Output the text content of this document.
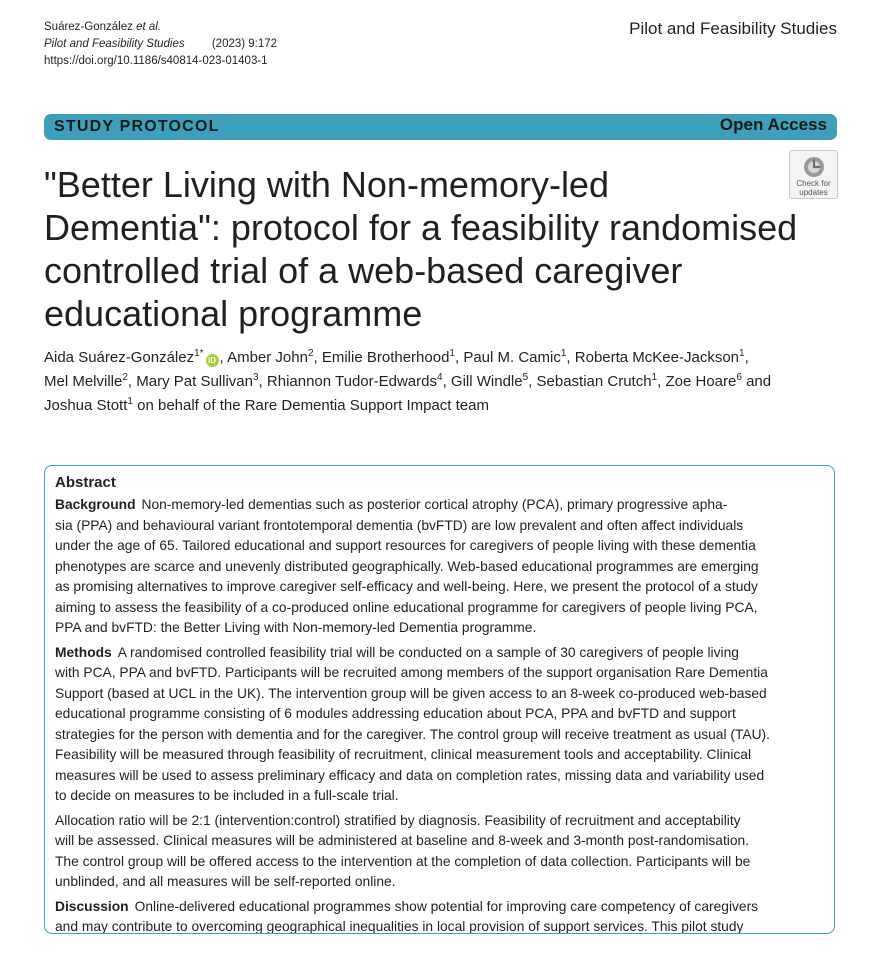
Suárez-González et al.
Pilot and Feasibility Studies (2023) 9:172
https://doi.org/10.1186/s40814-023-01403-1
Pilot and Feasibility Studies
STUDY PROTOCOL	Open Access
"Better Living with Non-memory-led
Dementia": protocol for a feasibility randomised
controlled trial of a web-based caregiver
educational programme
Check for
updates
Aida Suárez-González$^{1*}$iD , Amber John$^2$, Emilie Brotherhood$^1$, Paul M. Camic$^1$, Roberta McKee-Jackson$^1$,
Mel Melville$^2$, Mary Pat Sullivan$^3$, Rhiannon Tudor-Edwards$^4$, Gill Windle$^5$, Sebastian Crutch$^1$, Zoe Hoare$^6$ and
Joshua Stott$^1$ on behalf of the Rare Dementia Support Impact team
Abstract

Background Non-memory-led dementias such as posterior cortical atrophy (PCA), primary progressive apha-
sia (PPA) and behavioural variant frontotemporal dementia (bvFTD) are low prevalent and often affect individuals
under the age of 65. Tailored educational and support resources for caregivers of people living with these dementia
phenotypes are scarce and unevenly distributed geographically. Web-based educational programmes are emerging
as promising alternatives to improve caregiver self-efficacy and well-being. Here, we present the protocol of a study
aiming to assess the feasibility of a co-produced online educational programme for caregivers of people living PCA,
PPA and bvFTD: the Better Living with Non-memory-led Dementia programme.

Methods A randomised controlled feasibility trial will be conducted on a sample of 30 caregivers of people living
with PCA, PPA and bvFTD. Participants will be recruited among members of the support organisation Rare Dementia
Support (based at UCL in the UK). The intervention group will be given access to an 8-week co-produced web-based
educational programme consisting of 6 modules addressing education about PCA, PPA and bvFTD and support
strategies for the person with dementia and for the caregiver. The control group will receive treatment as usual (TAU).
Feasibility will be measured through feasibility of recruitment, clinical measurement tools and acceptability. Clinical
measures will be used to assess preliminary efficacy and data on completion rates, missing data and variability used
to decide on measures to be included in a full-scale trial.

Allocation ratio will be 2:1 (intervention:control) stratified by diagnosis. Feasibility of recruitment and acceptability
will be assessed. Clinical measures will be administered at baseline and 8-week and 3-month post-randomisation.
The control group will be offered access to the intervention at the completion of data collection. Participants will be
unblinded, and all measures will be self-reported online.

Discussion Online-delivered educational programmes show potential for improving care competency of caregivers
and may contribute to overcoming geographical inequalities in local provision of support services. This pilot study
